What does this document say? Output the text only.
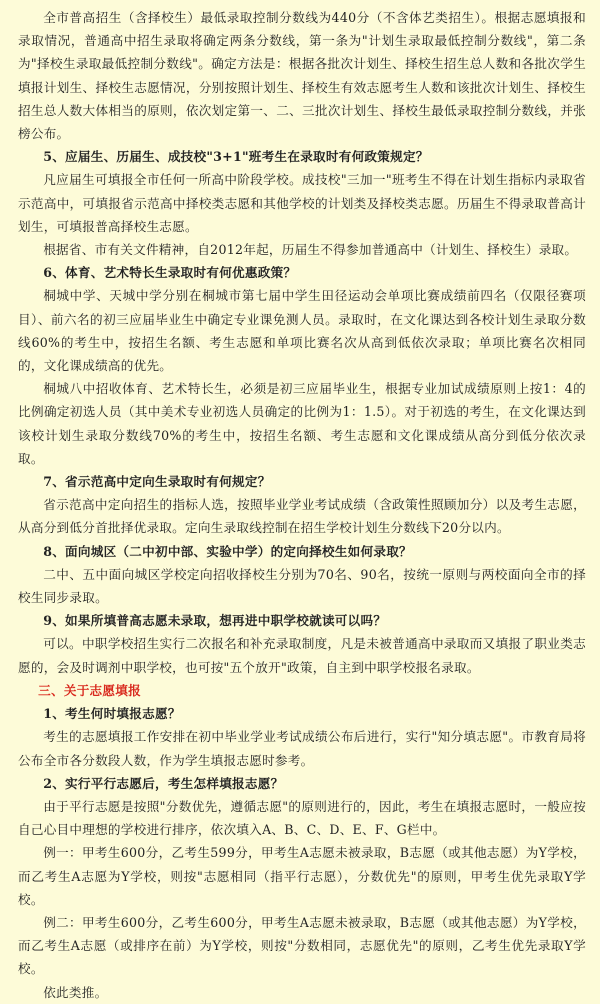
全市普高招生（含择校生）最低录取控制分数线为440分（不含体艺类招生）。根据志愿填报和录取情况，普通高中招生录取将确定两条分数线，第一条为"计划生录取最低控制分数线"，第二条为"择校生录取最低控制分数线"。确定方法是：根据各批次计划生、择校生招生总人数和各批次学生填报计划生、择校生志愿情况，分别按照计划生、择校生有效志愿考生人数和该批次计划生、择校生招生总人数大体相当的原则，依次划定第一、二、三批次计划生、择校生最低录取控制分数线，并张榜公布。

5、应届生、历届生、成技校"3+1"班考生在录取时有何政策规定？

凡应届生可填报全市任何一所高中阶段学校。成技校"三加一"班考生不得在计划生指标内录取省示范高中，可填报省示范高中择校类志愿和其他学校的计划类及择校类志愿。历届生不得录取普高计划生，可填报普高择校生志愿。

根据省、市有关文件精神，自2012年起，历届生不得参加普通高中（计划生、择校生）录取。

6、体育、艺术特长生录取时有何优惠政策？

桐城中学、天城中学分别在桐城市第七届中学生田径运动会单项比赛成绩前四名（仅限径赛项目）、前六名的初三应届毕业生中确定专业课免测人员。录取时，在文化课达到各校计划生录取分数线60%的考生中，按招生名额、考生志愿和单项比赛名次从高到低依次录取；单项比赛名次相同的，文化课成绩高的优先。

桐城八中招收体育、艺术特长生，必须是初三应届毕业生，根据专业加试成绩原则上按1：4的比例确定初选人员（其中美术专业初选人员确定的比例为1：1.5）。对于初选的考生，在文化课达到该校计划生录取分数线70%的考生中，按招生名额、考生志愿和文化课成绩从高分到低分依次录取。

7、省示范高中定向生录取时有何规定？

省示范高中定向招生的指标人选，按照毕业学业考试成绩（含政策性照顾加分）以及考生志愿，从高分到低分首批择优录取。定向生录取线控制在招生学校计划生分数线下20分以内。

8、面向城区（二中初中部、实验中学）的定向择校生如何录取？

二中、五中面向城区学校定向招收择校生分别为70名、90名，按统一原则与两校面向全市的择校生同步录取。

9、如果所填普高志愿未录取，想再进中职学校就读可以吗？

可以。中职学校招生实行二次报名和补充录取制度，凡是未被普通高中录取而又填报了职业类志愿的，会及时调剂中职学校，也可按"五个放开"政策，自主到中职学校报名录取。

三、关于志愿填报

1、考生何时填报志愿？

考生的志愿填报工作安排在初中毕业学业考试成绩公布后进行，实行"知分填志愿"。市教育局将公布全市各分数段人数，作为学生填报志愿时参考。

2、实行平行志愿后，考生怎样填报志愿？

由于平行志愿是按照"分数优先，遵循志愿"的原则进行的，因此，考生在填报志愿时，一般应按自己心目中理想的学校进行排序，依次填入A、B、C、D、E、F、G栏中。

例一：甲考生600分，乙考生599分，甲考生A志愿未被录取，B志愿（或其他志愿）为Y学校，而乙考生A志愿为Y学校，则按"志愿相同（指平行志愿），分数优先"的原则，甲考生优先录取Y学校。

例二：甲考生600分，乙考生600分，甲考生A志愿未被录取，B志愿（或其他志愿）为Y学校，而乙考生A志愿（或排序在前）为Y学校，则按"分数相同，志愿优先"的原则，乙考生优先录取Y学校。

依此类推。
